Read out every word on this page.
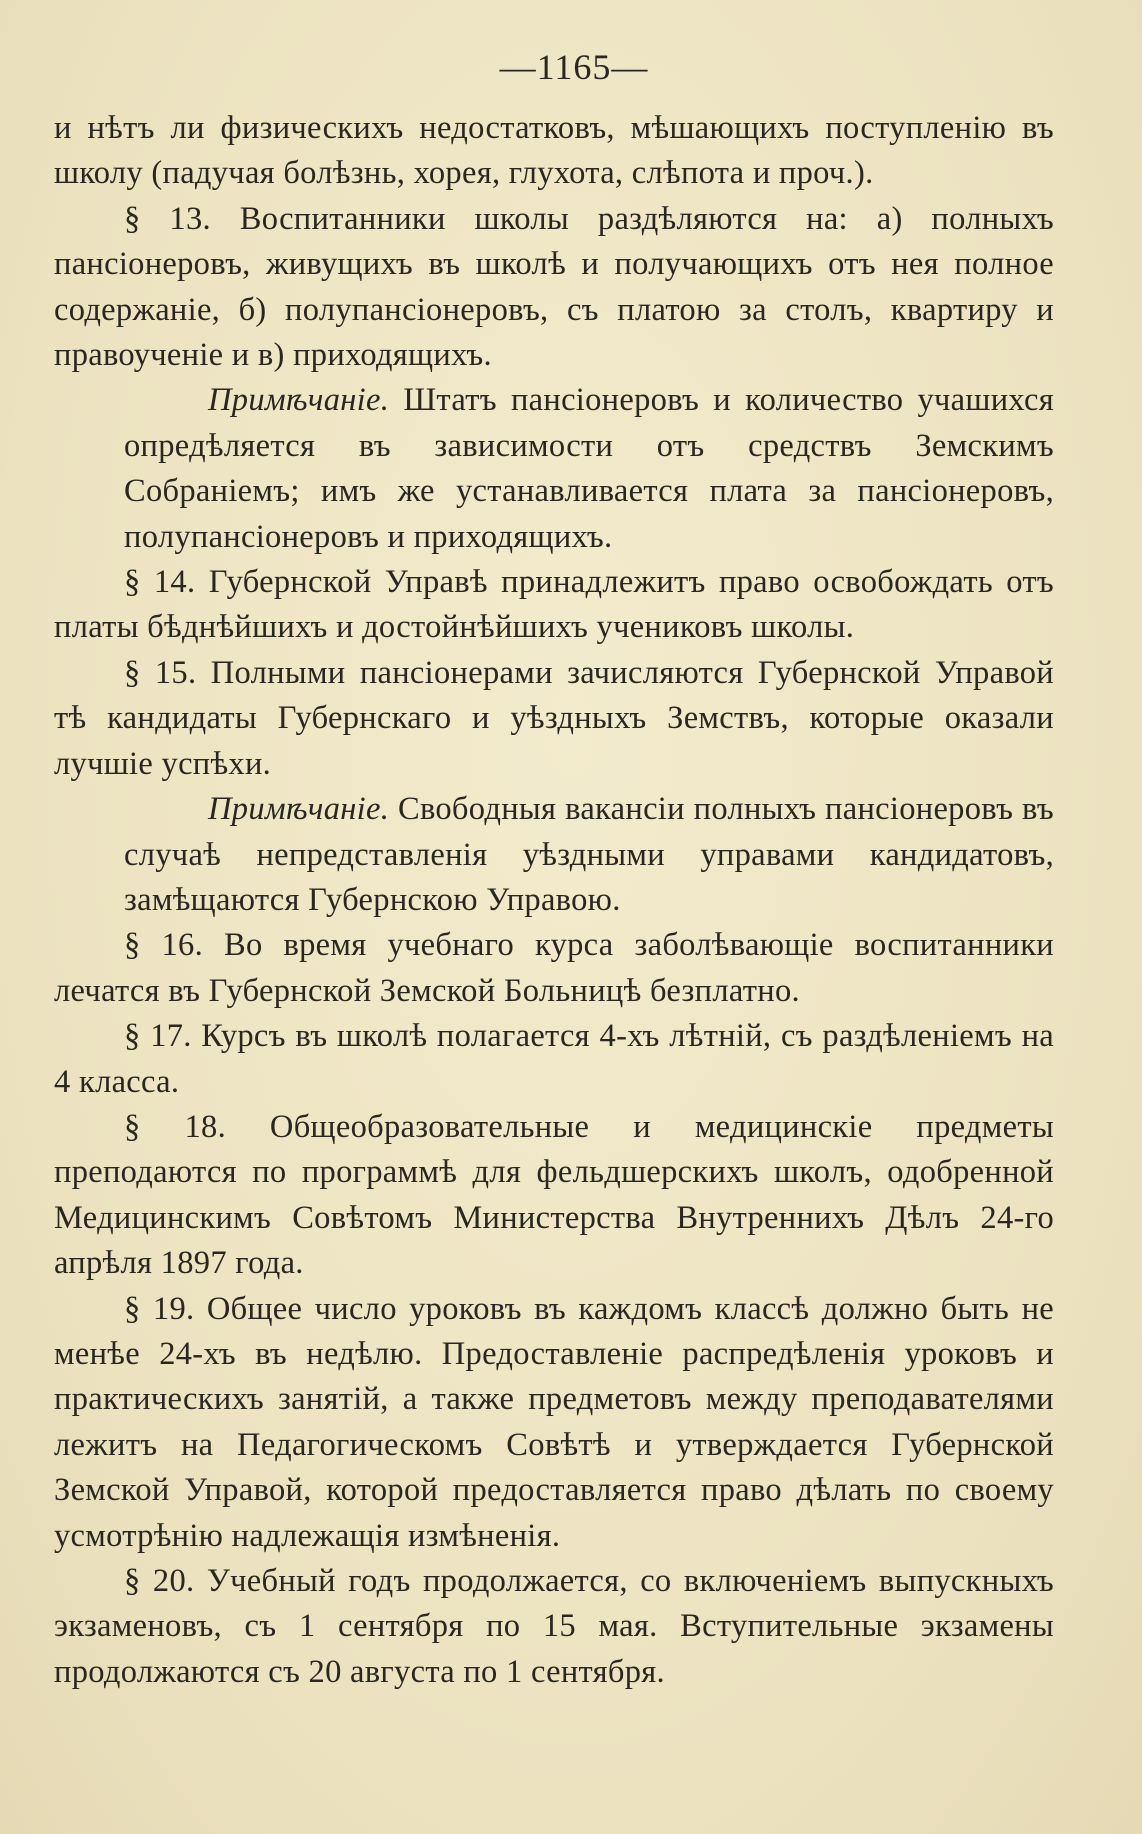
—1165—

и нѣтъ ли физическихъ недостатковъ, мѣшающихъ поступленію въ школу (падучая болѣзнь, хорея, глухота, слѣпота и проч.).

§ 13. Воспитанники школы раздѣляются на: а) полныхъ пансіонеровъ, живущихъ въ школѣ и получающихъ отъ нея полное содержаніе, б) полупансіонеровъ, съ платою за столъ, квартиру и правоученіе и в) приходящихъ.

Примѣчаніе. Штатъ пансіонеровъ и количество учашихся опредѣляется въ зависимости отъ средствъ Земскимъ Собраніемъ; имъ же устанавливается плата за пансіонеровъ, полупансіонеровъ и приходящихъ.

§ 14. Губернской Управѣ принадлежитъ право освобождать отъ платы бѣднѣйшихъ и достойнѣйшихъ учениковъ школы.

§ 15. Полными пансіонерами зачисляются Губернской Управой тѣ кандидаты Губернскаго и уѣздныхъ Земствъ, которые оказали лучшіе успѣхи.

Примѣчаніе. Свободныя вакансіи полныхъ пансіонеровъ въ случаѣ непредставленія уѣздными управами кандидатовъ, замѣщаются Губернскою Управою.

§ 16. Во время учебнаго курса заболѣвающіе воспитанники лечатся въ Губернской Земской Больницѣ безплатно.

§ 17. Курсъ въ школѣ полагается 4-хъ лѣтній, съ раздѣленіемъ на 4 класса.

§ 18. Общеобразовательные и медицинскіе предметы преподаются по программѣ для фельдшерскихъ школъ, одобренной Медицинскимъ Совѣтомъ Министерства Внутреннихъ Дѣлъ 24-го апрѣля 1897 года.

§ 19. Общее число уроковъ въ каждомъ классѣ должно быть не менѣе 24-хъ въ недѣлю. Предоставленіе распредѣленія уроковъ и практическихъ занятій, а также предметовъ между преподавателями лежитъ на Педагогическомъ Совѣтѣ и утверждается Губернской Земской Управой, которой предоставляется право дѣлать по своему усмотрѣнію надлежащія измѣненія.

§ 20. Учебный годъ продолжается, со включеніемъ выпускныхъ экзаменовъ, съ 1 сентября по 15 мая. Вступительные экзамены продолжаются съ 20 августа по 1 сентября.
